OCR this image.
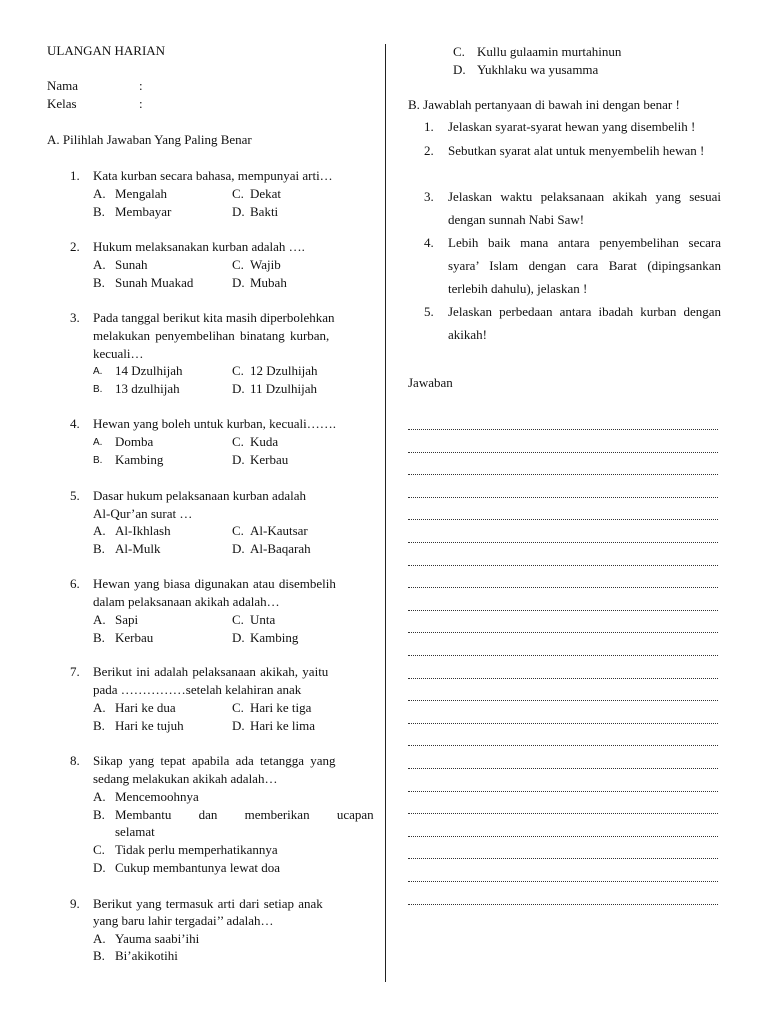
ULANGAN HARIAN
Nama	:
Kelas	:
A. Pilihlah Jawaban Yang Paling Benar
1. Kata kurban secara bahasa, mempunyai arti…
A. Mengalah	C. Dekat
B. Membayar	D. Bakti
2. Hukum melaksanakan kurban adalah ….
A. Sunah	C. Wajib
B. Sunah Muakad	D. Mubah
3. Pada tanggal berikut kita masih diperbolehkan
melakukan penyembelihan binatang kurban,
kecuali…
A. 14 Dzulhijah	C. 12 Dzulhijah
B. 13 dzulhijah	D. 11 Dzulhijah
4. Hewan yang boleh untuk kurban, kecuali…….
A. Domba	C. Kuda
B. Kambing	D. Kerbau
5. Dasar hukum pelaksanaan kurban adalah
Al-Qur’an surat …
A. Al-Ikhlash	C. Al-Kautsar
B. Al-Mulk	D. Al-Baqarah
6. Hewan yang biasa digunakan atau disembelih
dalam pelaksanaan akikah adalah…
A. Sapi	C. Unta
B. Kerbau	D. Kambing
7. Berikut ini adalah pelaksanaan akikah, yaitu
pada ……………setelah kelahiran anak
A. Hari ke dua	C. Hari ke tiga
B. Hari ke tujuh	D. Hari ke lima
8. Sikap yang tepat apabila ada tetangga yang
sedang melakukan akikah adalah…
A. Mencemoohnya
B. Membantu dan memberikan ucapan
selamat
C. Tidak perlu memperhatikannya
D. Cukup membantunya lewat doa
9. Berikut yang termasuk arti dari setiap anak
yang baru lahir tergadai’’ adalah…
A. Yauma saabi’ihi
B. Bi’akikotihi
C. Kullu gulaamin murtahinun
D. Yukhlaku wa yusamma
B. Jawablah pertanyaan di bawah ini dengan benar !
1. Jelaskan syarat-syarat hewan yang disembelih !
2. Sebutkan syarat alat untuk menyembelih hewan !
3. Jelaskan waktu pelaksanaan akikah yang sesuai dengan sunnah Nabi Saw!
4. Lebih baik mana antara penyembelihan secara syara’ Islam dengan cara Barat (dipingsankan terlebih dahulu), jelaskan !
5. Jelaskan perbedaan antara ibadah kurban dengan akikah!
Jawaban
